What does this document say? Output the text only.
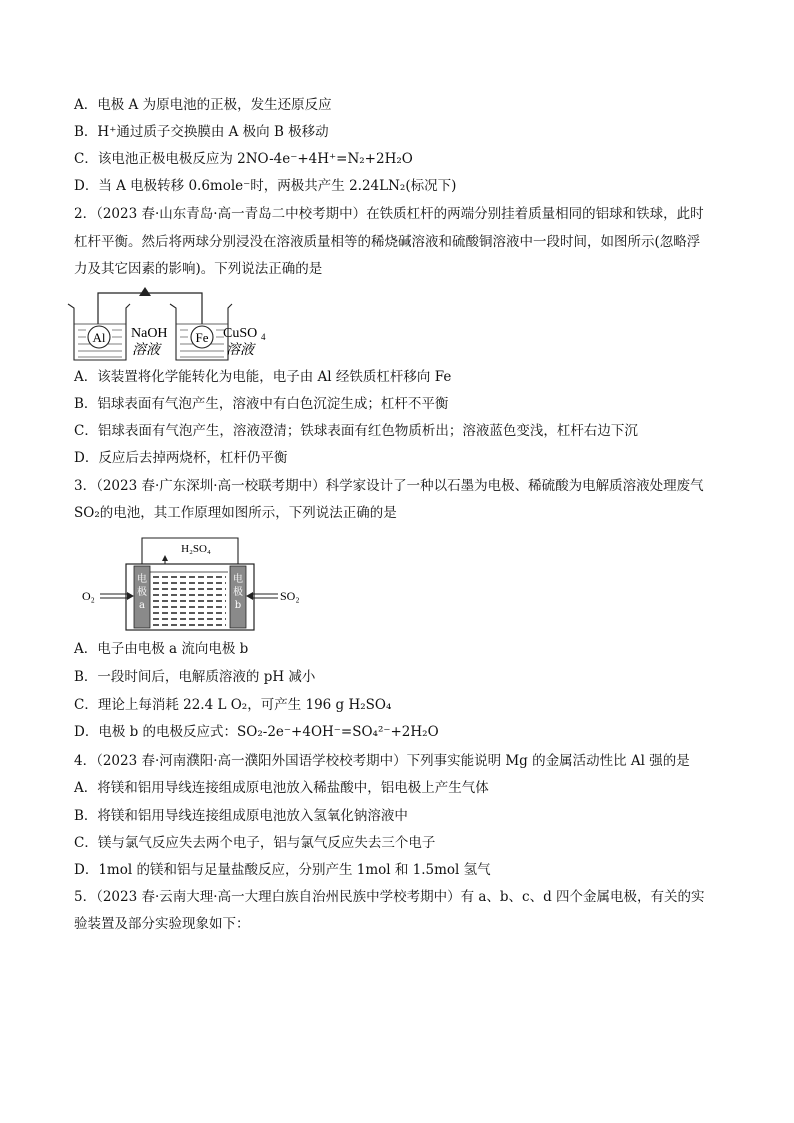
A．电极 A 为原电池的正极，发生还原反应
B．H⁺通过质子交换膜由 A 极向 B 极移动
C．该电池正极电极反应为 2NO-4e⁻+4H⁺=N₂+2H₂O
D．当 A 电极转移 0.6mole⁻时，两极共产生 2.24LN₂(标况下)
2．（2023 春·山东青岛·高一青岛二中校考期中）在铁质杠杆的两端分别挂着质量相同的铝球和铁球，此时
杠杆平衡。然后将两球分别浸没在溶液质量相等的稀烧碱溶液和硫酸铜溶液中一段时间，如图所示(忽略浮
力及其它因素的影响)。下列说法正确的是
Al	Fe
NaOH
溶液
CuSO 4
溶液
A．该装置将化学能转化为电能，电子由 Al 经铁质杠杆移向 Fe
B．铝球表面有气泡产生，溶液中有白色沉淀生成；杠杆不平衡
C．铝球表面有气泡产生，溶液澄清；铁球表面有红色物质析出；溶液蓝色变浅，杠杆右边下沉
D．反应后去掉两烧杯，杠杆仍平衡
3．（2023 春·广东深圳·高一校联考期中）科学家设计了一种以石墨为电极、稀硫酸为电解质溶液处理废气
SO₂的电池，其工作原理如图所示，下列说法正确的是
H₂SO₄
电
极
a
电
极
b
O₂	SO₂
A．电子由电极 a 流向电极 b
B．一段时间后，电解质溶液的 pH 减小
C．理论上每消耗 22.4 L O₂，可产生 196 g H₂SO₄
D．电极 b 的电极反应式：SO₂-2e⁻+4OH⁻=SO₄²⁻+2H₂O
4．（2023 春·河南濮阳·高一濮阳外国语学校校考期中）下列事实能说明 Mg 的金属活动性比 Al 强的是
A．将镁和铝用导线连接组成原电池放入稀盐酸中，铝电极上产生气体
B．将镁和铝用导线连接组成原电池放入氢氧化钠溶液中
C．镁与氯气反应失去两个电子，铝与氯气反应失去三个电子
D．1mol 的镁和铝与足量盐酸反应，分别产生 1mol 和 1.5mol 氢气
5．（2023 春·云南大理·高一大理白族自治州民族中学校考期中）有 a、b、c、d 四个金属电极，有关的实
验装置及部分实验现象如下：
